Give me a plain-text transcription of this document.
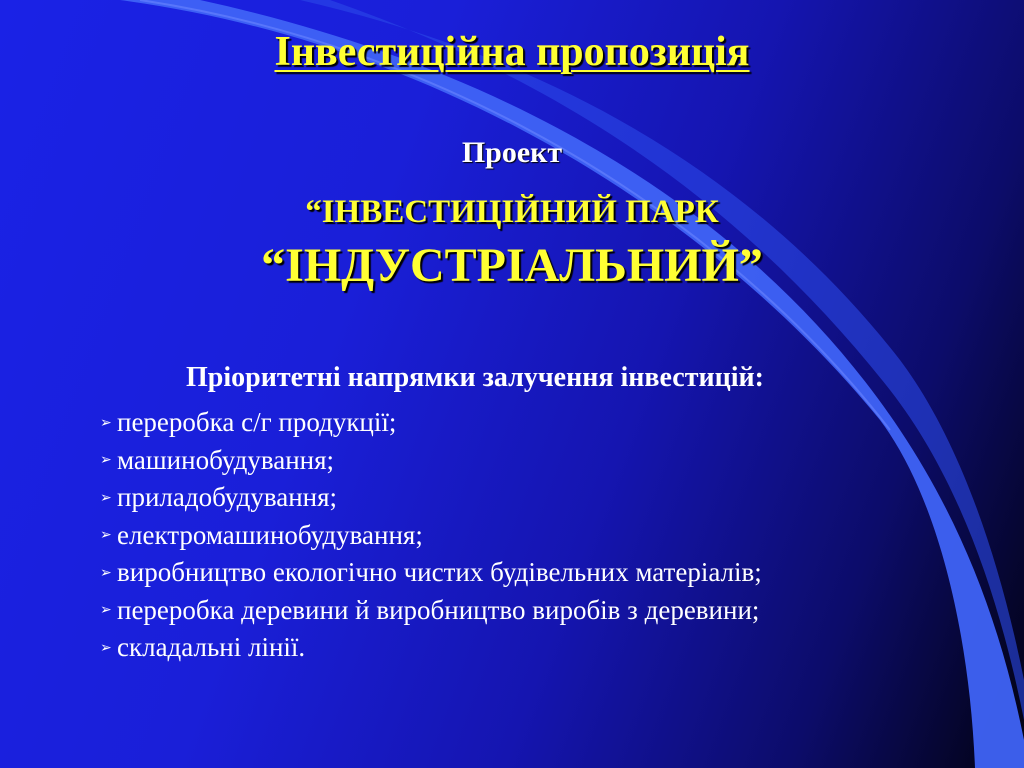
Інвестиційна пропозиція
Проект
“ІНВЕСТИЦІЙНИЙ ПАРК
“ІНДУСТРІАЛЬНИЙ”
Пріоритетні напрямки залучення інвестицій:
➢ переробка с/г продукції;
➢ машинобудування;
➢ приладобудування;
➢ електромашинобудування;
➢ виробництво екологічно чистих будівельних матеріалів;
➢ переробка деревини й виробництво виробів з деревини;
➢ складальні лінії.
